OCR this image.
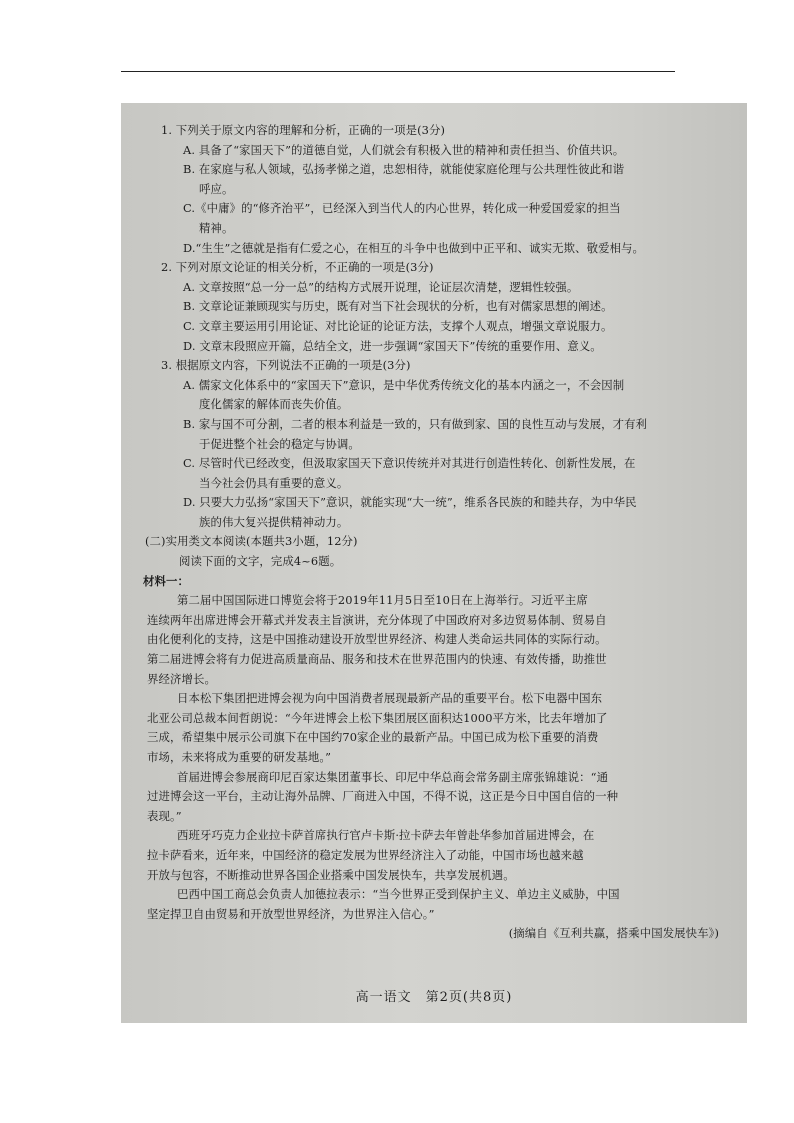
1. 下列关于原文内容的理解和分析，正确的一项是(3分)
A. 具备了“家国天下”的道德自觉，人们就会有积极入世的精神和责任担当、价值共识。
B. 在家庭与私人领域，弘扬孝悌之道，忠恕相待，就能使家庭伦理与公共理性彼此和谐
呼应。
C.《中庸》的“修齐治平”，已经深入到当代人的内心世界，转化成一种爱国爱家的担当
精神。
D.“生生”之德就是指有仁爱之心，在相互的斗争中也做到中正平和、诚实无欺、敬爱相与。
2. 下列对原文论证的相关分析，不正确的一项是(3分)
A. 文章按照“总一分一总”的结构方式展开说理，论证层次清楚，逻辑性较强。
B. 文章论证兼顾现实与历史，既有对当下社会现状的分析，也有对儒家思想的阐述。
C. 文章主要运用引用论证、对比论证的论证方法，支撑个人观点，增强文章说服力。
D. 文章末段照应开篇，总结全文，进一步强调“家国天下”传统的重要作用、意义。
3. 根据原文内容，下列说法不正确的一项是(3分)
A. 儒家文化体系中的“家国天下”意识，是中华优秀传统文化的基本内涵之一，不会因制
度化儒家的解体而丧失价值。
B. 家与国不可分割，二者的根本利益是一致的，只有做到家、国的良性互动与发展，才有利
于促进整个社会的稳定与协调。
C. 尽管时代已经改变，但汲取家国天下意识传统并对其进行创造性转化、创新性发展，在
当今社会仍具有重要的意义。
D. 只要大力弘扬“家国天下”意识，就能实现“大一统”，维系各民族的和睦共存，为中华民
族的伟大复兴提供精神动力。
(二)实用类文本阅读(本题共3小题，12分)
阅读下面的文字，完成4~6题。
材料一：
第二届中国国际进口博览会将于2019年11月5日至10日在上海举行。习近平主席
连续两年出席进博会开幕式并发表主旨演讲，充分体现了中国政府对多边贸易体制、贸易自
由化便利化的支持，这是中国推动建设开放型世界经济、构建人类命运共同体的实际行动。
第二届进博会将有力促进高质量商品、服务和技术在世界范围内的快速、有效传播，助推世
界经济增长。
日本松下集团把进博会视为向中国消费者展现最新产品的重要平台。松下电器中国东
北亚公司总裁本间哲朗说：“今年进博会上松下集团展区面积达1000平方米，比去年增加了
三成，希望集中展示公司旗下在中国约70家企业的最新产品。中国已成为松下重要的消费
市场，未来将成为重要的研发基地。”
首届进博会参展商印尼百家达集团董事长、印尼中华总商会常务副主席张锦雄说：“通
过进博会这一平台，主动让海外品牌、厂商进入中国，不得不说，这正是今日中国自信的一种
表现。”
西班牙巧克力企业拉卡萨首席执行官卢卡斯·拉卡萨去年曾赴华参加首届进博会，在
拉卡萨看来，近年来，中国经济的稳定发展为世界经济注入了动能，中国市场也越来越
开放与包容，不断推动世界各国企业搭乘中国发展快车，共享发展机遇。
巴西中国工商总会负责人加德拉表示：“当今世界正受到保护主义、单边主义威胁，中国
坚定捍卫自由贸易和开放型世界经济，为世界注入信心。”
(摘编自《互利共赢，搭乘中国发展快车》)
高一语文　第2页(共8页)
